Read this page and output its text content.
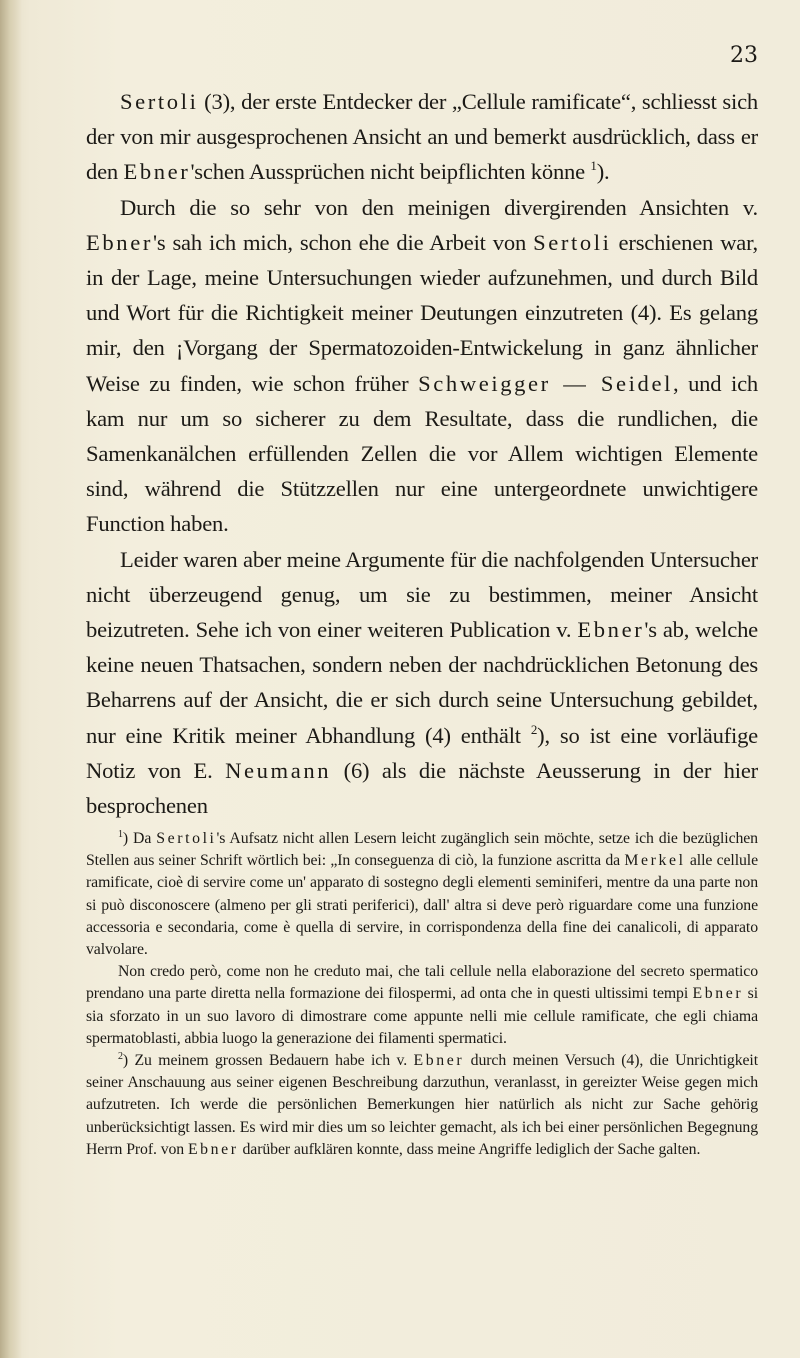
23

Sertoli (3), der erste Entdecker der „Cellule ramificate“, schliesst sich der von mir ausgesprochenen Ansicht an und bemerkt ausdrücklich, dass er den Ebner'schen Aussprüchen nicht beipflichten könne $^1$).

Durch die so sehr von den meinigen divergirenden Ansichten v. Ebner's sah ich mich, schon ehe die Arbeit von Sertoli erschienen war, in der Lage, meine Untersuchungen wieder aufzunehmen, und durch Bild und Wort für die Richtigkeit meiner Deutungen einzutreten (4). Es gelang mir, den ¡Vorgang der Spermatozoiden-Entwickelung in ganz ähnlicher Weise zu finden, wie schon früher Schweigger — Seidel, und ich kam nur um so sicherer zu dem Resultate, dass die rundlichen, die Samenkanälchen erfüllenden Zellen die vor Allem wichtigen Elemente sind, während die Stützzellen nur eine untergeordnete unwichtigere Function haben.

Leider waren aber meine Argumente für die nachfolgenden Untersucher nicht überzeugend genug, um sie zu bestimmen, meiner Ansicht beizutreten. Sehe ich von einer weiteren Publication v. Ebner's ab, welche keine neuen Thatsachen, sondern neben der nachdrücklichen Betonung des Beharrens auf der Ansicht, die er sich durch seine Untersuchung gebildet, nur eine Kritik meiner Abhandlung (4) enthält $^2$), so ist eine vorläufige Notiz von E. Neumann (6) als die nächste Aeusserung in der hier besprochenen

$^1$) Da Sertoli's Aufsatz nicht allen Lesern leicht zugänglich sein möchte, setze ich die bezüglichen Stellen aus seiner Schrift wörtlich bei: „In conseguenza di ciò, la funzione ascritta da Merkel alle cellule ramificate, cioè di servire come un' apparato di sostegno degli elementi seminiferi, mentre da una parte non si può disconoscere (almeno per gli strati periferici), dall' altra si deve però riguardare come una funzione accessoria e secondaria, come è quella di servire, in corrispondenza della fine dei canalicoli, di apparato valvolare.

Non credo però, come non he creduto mai, che tali cellule nella elaborazione del secreto spermatico prendano una parte diretta nella formazione dei filospermi, ad onta che in questi ultissimi tempi Ebner si sia sforzato in un suo lavoro di dimostrare come appunte nelli mie cellule ramificate, che egli chiama spermatoblasti, abbia luogo la generazione dei filamenti spermatici.

$^2$) Zu meinem grossen Bedauern habe ich v. Ebner durch meinen Versuch (4), die Unrichtigkeit seiner Anschauung aus seiner eigenen Beschreibung darzuthun, veranlasst, in gereizter Weise gegen mich aufzutreten. Ich werde die persönlichen Bemerkungen hier natürlich als nicht zur Sache gehörig unberücksichtigt lassen. Es wird mir dies um so leichter gemacht, als ich bei einer persönlichen Begegnung Herrn Prof. von Ebner darüber aufklären konnte, dass meine Angriffe lediglich der Sache galten.
